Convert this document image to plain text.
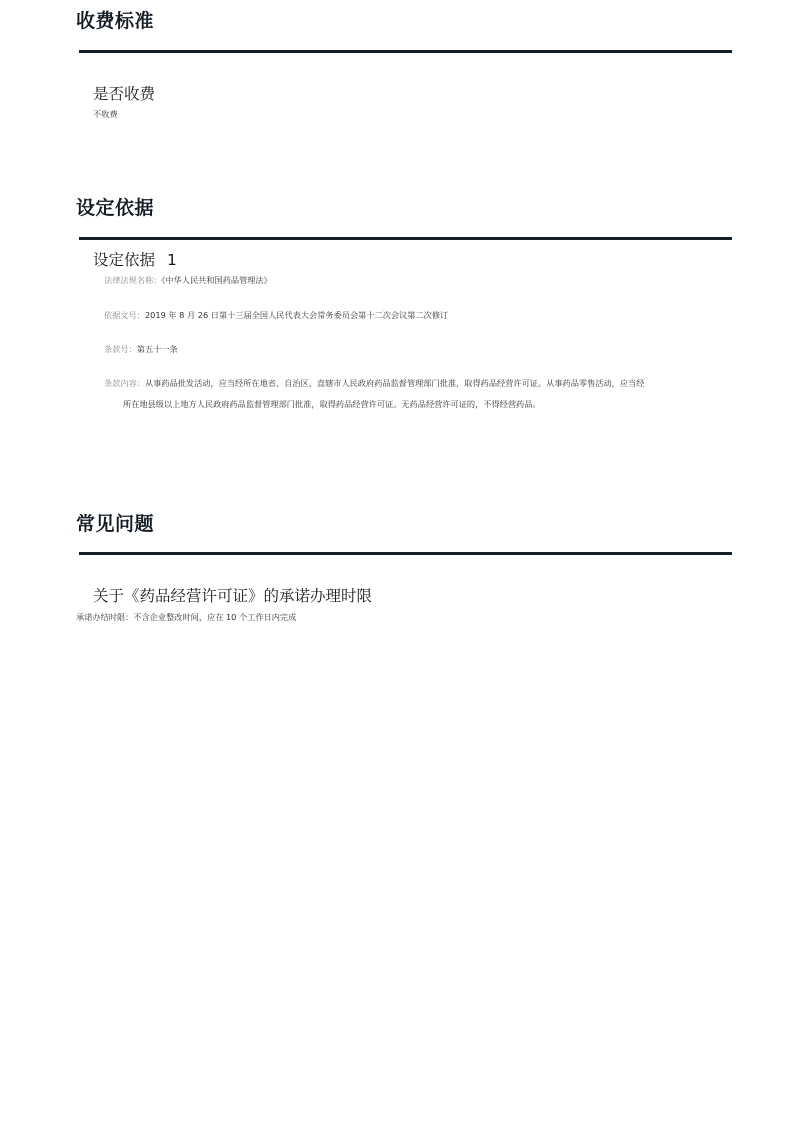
收费标准

是否收费

不收费
设定依据

设定依据 1

法律法规名称：《中华人民共和国药品管理法》
依据文号：2019 年 8 月 26 日第十三届全国人民代表大会常务委员会第十二次会议第二次修订
条款号：第五十一条
条款内容：从事药品批发活动，应当经所在地省、自治区、直辖市人民政府药品监督管理部门批准，取得药品经营许可证。从事药品零售活动，应当经
所在地县级以上地方人民政府药品监督管理部门批准，取得药品经营许可证。无药品经营许可证的，不得经营药品。
常见问题

关于《药品经营许可证》的承诺办理时限

承诺办结时限：不含企业整改时间，应在 10 个工作日内完成
